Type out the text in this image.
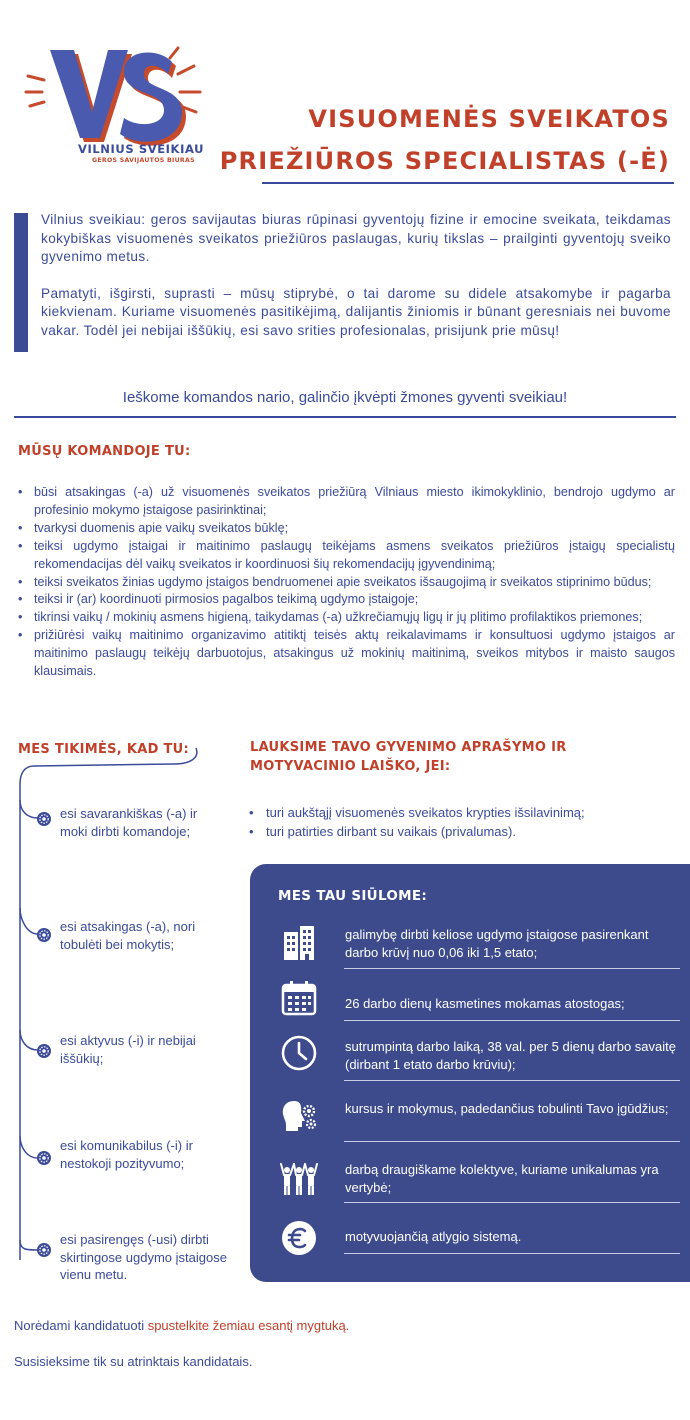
VILNIUS SVEIKIAU
GEROS SAVIJAUTOS BIURAS
VISUOMENĖS SVEIKATOS
PRIEŽIŪROS SPECIALISTAS (-Ė)

Vilnius sveikiau: geros savijautas biuras rūpinasi gyventojų fizine ir emocine sveikata, teikdamas kokybiškas visuomenės sveikatos priežiūros paslaugas, kurių tikslas – prailginti gyventojų sveiko gyvenimo metus.

Pamatyti, išgirsti, suprasti – mūsų stiprybė, o tai darome su didele atsakomybe ir pagarba kiekvienam. Kuriame visuomenės pasitikėjimą, dalijantis žiniomis ir būnant geresniais nei buvome vakar. Todėl jei nebijai iššūkių, esi savo srities profesionalas, prisijunk prie mūsų!

Ieškome komandos nario, galinčio įkvėpti žmones gyventi sveikiau!
MŪSŲ KOMANDOJE TU:
• būsi atsakingas (-a) už visuomenės sveikatos priežiūrą Vilniaus miesto ikimokyklinio, bendrojo ugdymo ar profesinio mokymo įstaigose pasirinktinai;
• tvarkysi duomenis apie vaikų sveikatos būklę;
• teiksi ugdymo įstaigai ir maitinimo paslaugų teikėjams asmens sveikatos priežiūros įstaigų specialistų rekomendacijas dėl vaikų sveikatos ir koordinuosi šių rekomendacijų įgyvendinimą;
• teiksi sveikatos žinias ugdymo įstaigos bendruomenei apie sveikatos išsaugojimą ir sveikatos stiprinimo būdus;
• teiksi ir (ar) koordinuoti pirmosios pagalbos teikimą ugdymo įstaigoje;
• tikrinsi vaikų / mokinių asmens higieną, taikydamas (-a) užkrečiamųjų ligų ir jų plitimo profilaktikos priemones;
• prižiūrėsi vaikų maitinimo organizavimo atitiktį teisės aktų reikalavimams ir konsultuosi ugdymo įstaigos ar maitinimo paslaugų teikėjų darbuotojus, atsakingus už mokinių maitinimą, sveikos mitybos ir maisto saugos klausimais.
MES TIKIMĖS, KAD TU:
esi savarankiškas (-a) ir moki dirbti komandoje;
esi atsakingas (-a), nori tobulėti bei mokytis;
esi aktyvus (-i) ir nebijai iššūkių;
esi komunikabilus (-i) ir nestokoji pozityvumo;
esi pasirengęs (-usi) dirbti skirtingose ugdymo įstaigose vienu metu.
LAUKSIME TAVO GYVENIMO APRAŠYMO IR MOTYVACINIO LAIŠKO, JEI:
• turi aukštąjį visuomenės sveikatos krypties išsilavinimą;
• turi patirties dirbant su vaikais (privalumas).
MES TAU SIŪLOME:
galimybę dirbti keliose ugdymo įstaigose pasirenkant darbo krūvį nuo 0,06 iki 1,5 etato;
26 darbo dienų kasmetines mokamas atostogas;
sutrumpintą darbo laiką, 38 val. per 5 dienų darbo savaitę (dirbant 1 etato darbo krūviu);
kursus ir mokymus, padedančius tobulinti Tavo įgūdžius;
darbą draugiškame kolektyve, kuriame unikalumas yra vertybė;
motyvuojančią atlygio sistemą.
Norėdami kandidatuoti spustelkite žemiau esantį mygtuką.
Susisieksime tik su atrinktais kandidatais.
